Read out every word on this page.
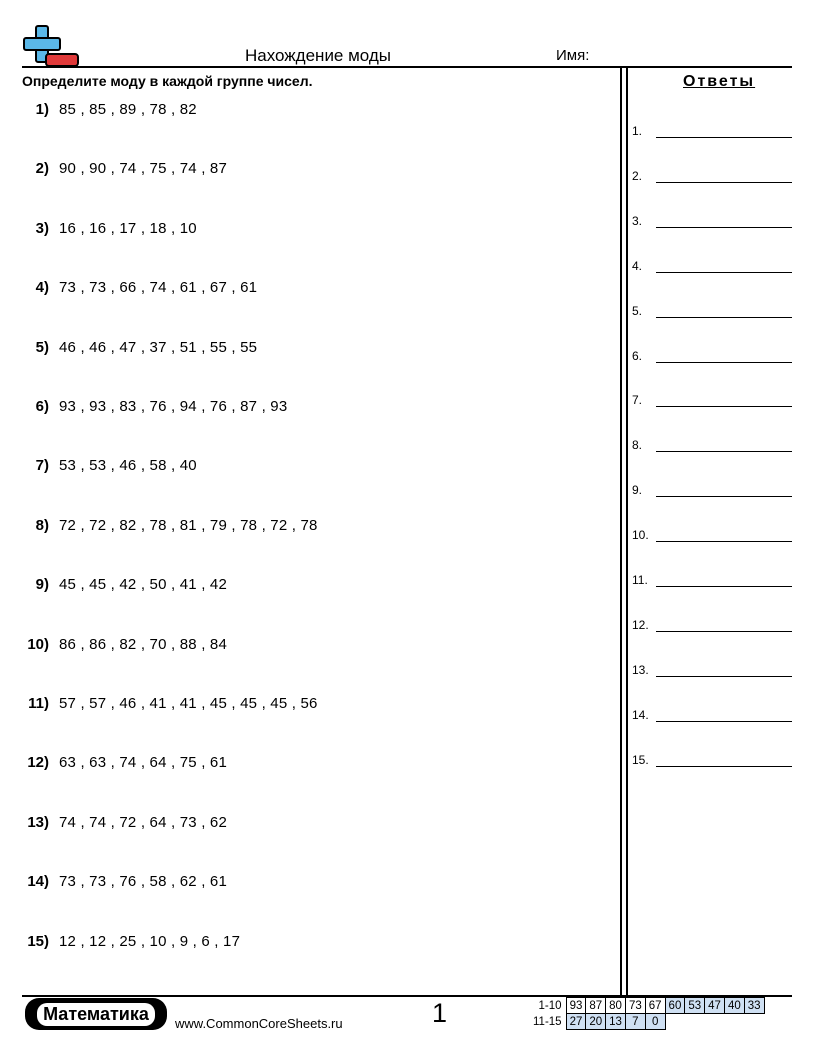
Нахождение моды	Имя:
Определите моду в каждой группе чисел.
1) 85 , 85 , 89 , 78 , 82
2) 90 , 90 , 74 , 75 , 74 , 87
3) 16 , 16 , 17 , 18 , 10
4) 73 , 73 , 66 , 74 , 61 , 67 , 61
5) 46 , 46 , 47 , 37 , 51 , 55 , 55
6) 93 , 93 , 83 , 76 , 94 , 76 , 87 , 93
7) 53 , 53 , 46 , 58 , 40
8) 72 , 72 , 82 , 78 , 81 , 79 , 78 , 72 , 78
9) 45 , 45 , 42 , 50 , 41 , 42
10) 86 , 86 , 82 , 70 , 88 , 84
11) 57 , 57 , 46 , 41 , 41 , 45 , 45 , 45 , 56
12) 63 , 63 , 74 , 64 , 75 , 61
13) 74 , 74 , 72 , 64 , 73 , 62
14) 73 , 73 , 76 , 58 , 62 , 61
15) 12 , 12 , 25 , 10 , 9 , 6 , 17
Ответы
1.
2.
3.
4.
5.
6.
7.
8.
9.
10.
11.
12.
13.
14.
15.
Математика	www.CommonCoreSheets.ru	1	1-10	93	87	80	73	67	60	53	47	40	33
11-15	27	20	13	7	0					
